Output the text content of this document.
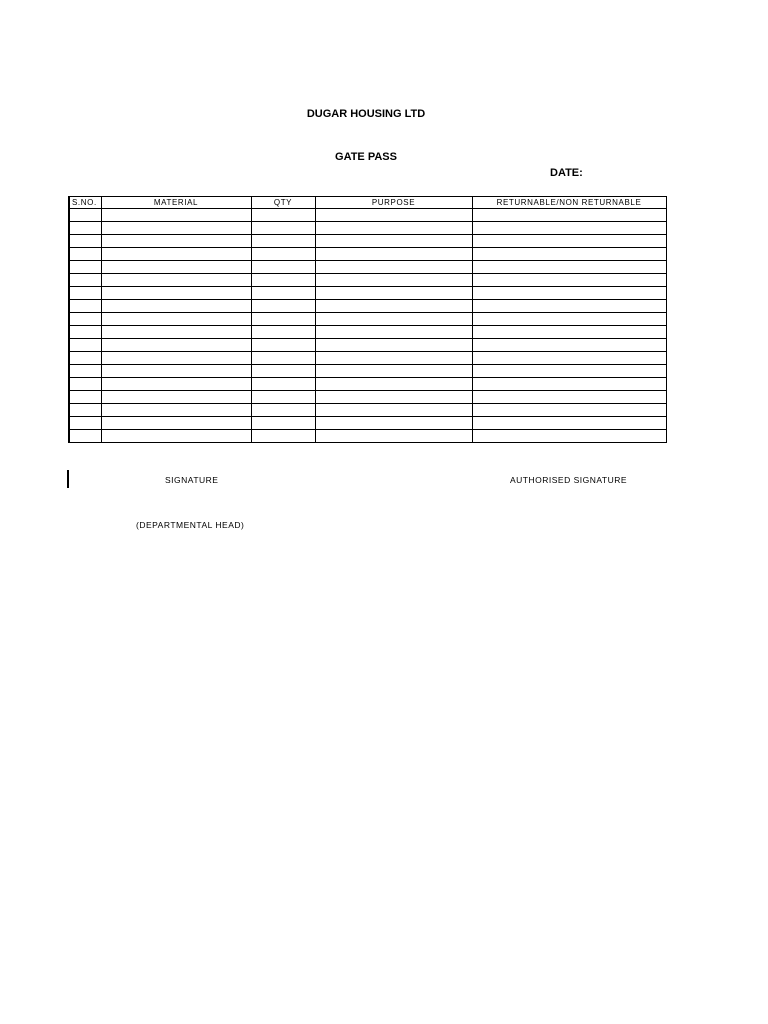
DUGAR HOUSING LTD
GATE PASS
DATE:
S.NO.	MATERIAL	QTY	PURPOSE	RETURNABLE/NON RETURNABLE

SIGNATURE	AUTHORISED SIGNATURE
(DEPARTMENTAL HEAD)
